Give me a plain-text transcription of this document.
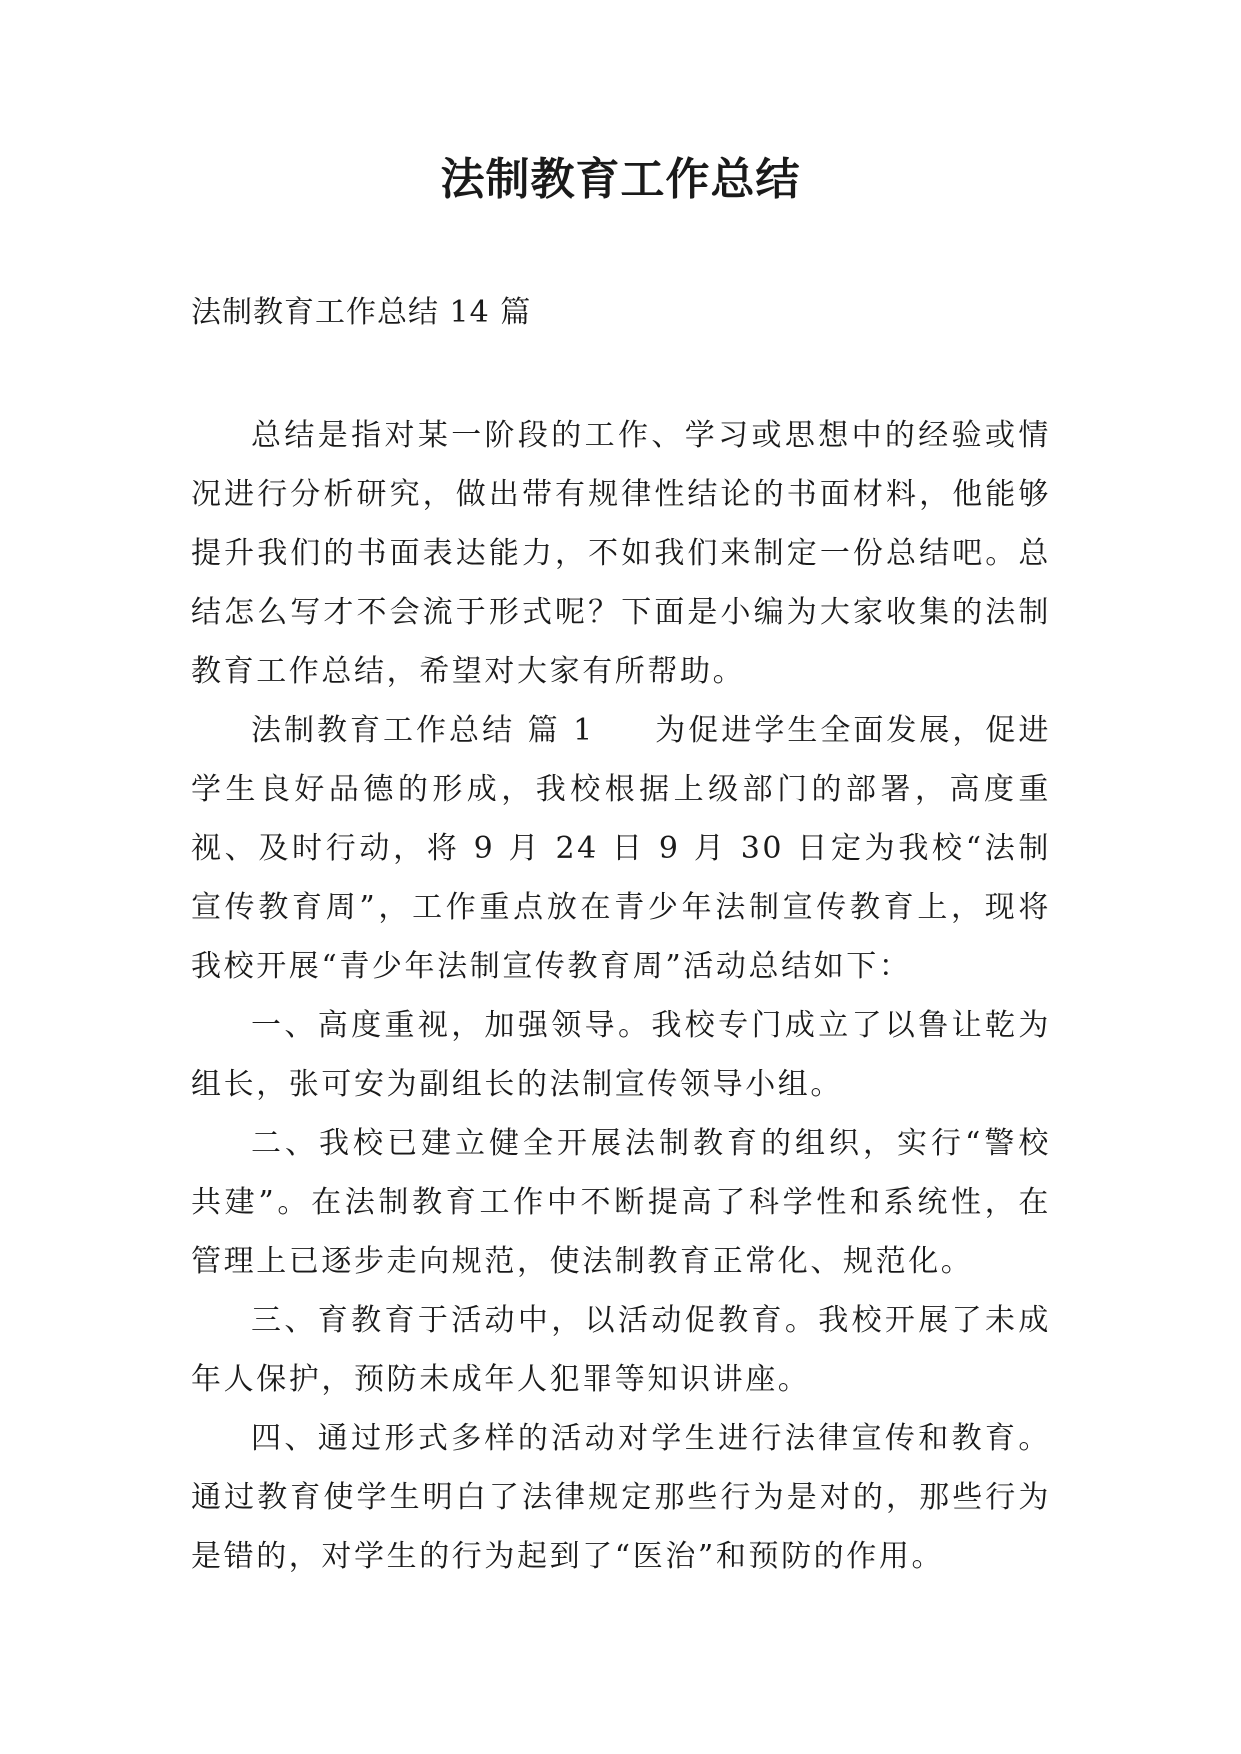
法制教育工作总结
法制教育工作总结 14 篇

总结是指对某一阶段的工作、学习或思想中的经验或情况进行分析研究，做出带有规律性结论的书面材料，他能够提升我们的书面表达能力，不如我们来制定一份总结吧。总结怎么写才不会流于形式呢？下面是小编为大家收集的法制教育工作总结，希望对大家有所帮助。

法制教育工作总结 篇 1 为促进学生全面发展，促进学生良好品德的形成，我校根据上级部门的部署，高度重视、及时行动，将 9 月 24 日 9 月 30 日定为我校“法制宣传教育周”，工作重点放在青少年法制宣传教育上，现将我校开展“青少年法制宣传教育周”活动总结如下：

一、高度重视，加强领导。我校专门成立了以鲁让乾为组长，张可安为副组长的法制宣传领导小组。

二、我校已建立健全开展法制教育的组织，实行“警校共建”。在法制教育工作中不断提高了科学性和系统性，在管理上已逐步走向规范，使法制教育正常化、规范化。

三、育教育于活动中，以活动促教育。我校开展了未成年人保护，预防未成年人犯罪等知识讲座。

四、通过形式多样的活动对学生进行法律宣传和教育。通过教育使学生明白了法律规定那些行为是对的，那些行为是错的，对学生的行为起到了“医治”和预防的作用。
